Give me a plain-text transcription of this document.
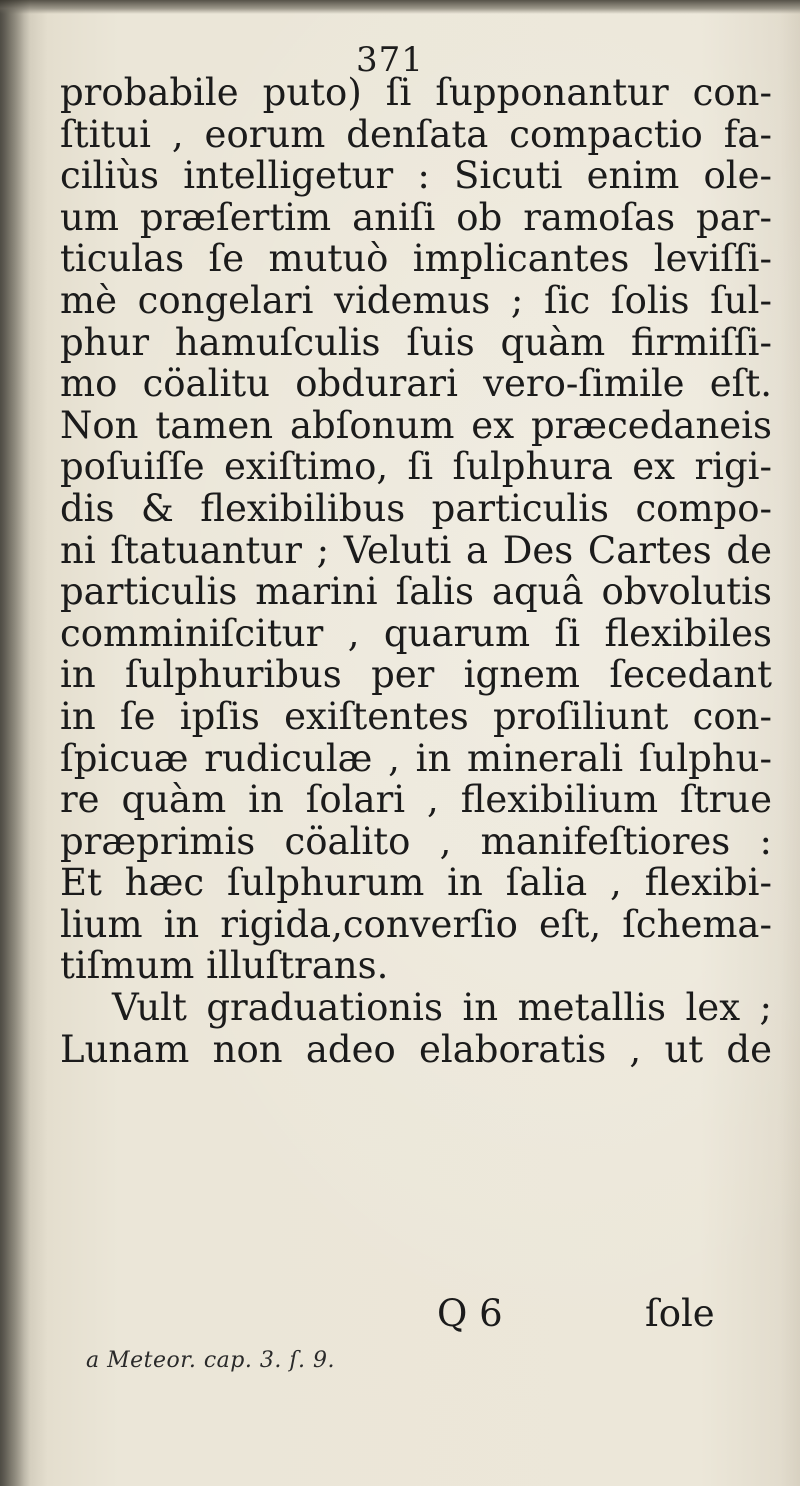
371
probabile puto) ſi ſupponantur con-
ſtitui , eorum denſata compactio fa-
ciliùs intelligetur : Sicuti enim ole-
um præſertim aniſi ob ramoſas par-
ticulas ſe mutuò implicantes leviſſi-
mè congelari videmus ; ſic ſolis ſul-
phur hamuſculis ſuis quàm firmiſſi-
mo cöalitu obdurari vero-ſimile eſt.
Non tamen abſonum ex præcedaneis
poſuiſſe exiſtimo, ſi ſulphura ex rigi-
dis & flexibilibus particulis compo-
ni ſtatuantur ; Veluti a Des Cartes de
particulis marini ſalis aquâ obvolutis
comminiſcitur , quarum ſi flexibiles
in ſulphuribus per ignem ſecedant
in ſe ipſis exiſtentes proſiliunt con-
ſpicuæ rudiculæ , in minerali ſulphu-
re quàm in ſolari , flexibilium ſtrue
præprimis cöalito , manifeſtiores :
Et hæc ſulphurum in ſalia , flexibi-
lium in rigida,converſio eſt, ſchema-
tiſmum illuſtrans.
Vult graduationis in metallis lex ;
Lunam non adeo elaboratis , ut de
Q 6	ſole
a Meteor. cap. 3. ſ. 9.
